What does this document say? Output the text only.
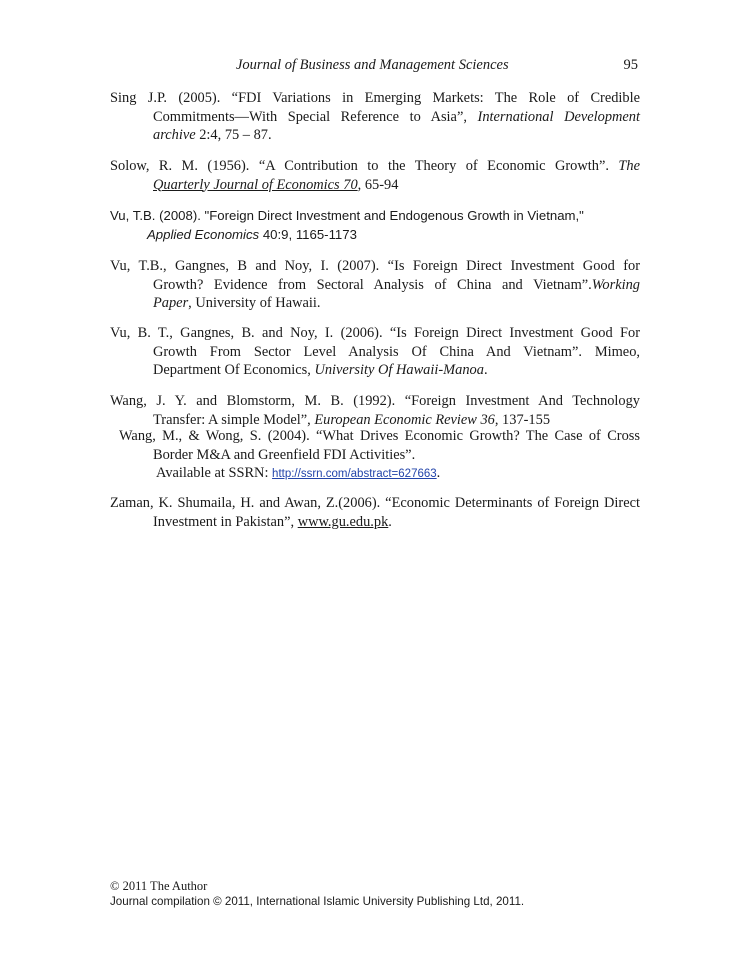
Journal of Business and Management Sciences	95
Sing J.P. (2005). “FDI Variations in Emerging Markets: The Role of Credible
Commitments—With Special Reference to Asia”, International Development
archive 2:4, 75 – 87.
Solow, R. M. (1956). “A Contribution to the Theory of Economic Growth”. The
Quarterly Journal of Economics 70, 65-94
Vu, T.B. (2008). "Foreign Direct Investment and Endogenous Growth in Vietnam,"
Applied Economics 40:9, 1165-1173
Vu, T.B., Gangnes, B and Noy, I. (2007). “Is Foreign Direct Investment Good for
Growth? Evidence from Sectoral Analysis of China and Vietnam”.Working
Paper, University of Hawaii.
Vu, B. T., Gangnes, B. and Noy, I. (2006). “Is Foreign Direct Investment Good For
Growth From Sector Level Analysis Of China And Vietnam”. Mimeo,
Department Of Economics, University Of Hawaii-Manoa.
Wang, J. Y. and Blomstorm, M. B. (1992). “Foreign Investment And Technology
Transfer: A simple Model”, European Economic Review 36, 137-155
Wang, M., & Wong, S. (2004). “What Drives Economic Growth? The Case of Cross
Border M&A and Greenfield FDI Activities”.
Available at SSRN: http://ssrn.com/abstract=627663.
Zaman, K. Shumaila, H. and Awan, Z.(2006). “Economic Determinants of Foreign Direct
Investment in Pakistan”, www.gu.edu.pk.
© 2011 The Author
Journal compilation © 2011, International Islamic University Publishing Ltd, 2011.
